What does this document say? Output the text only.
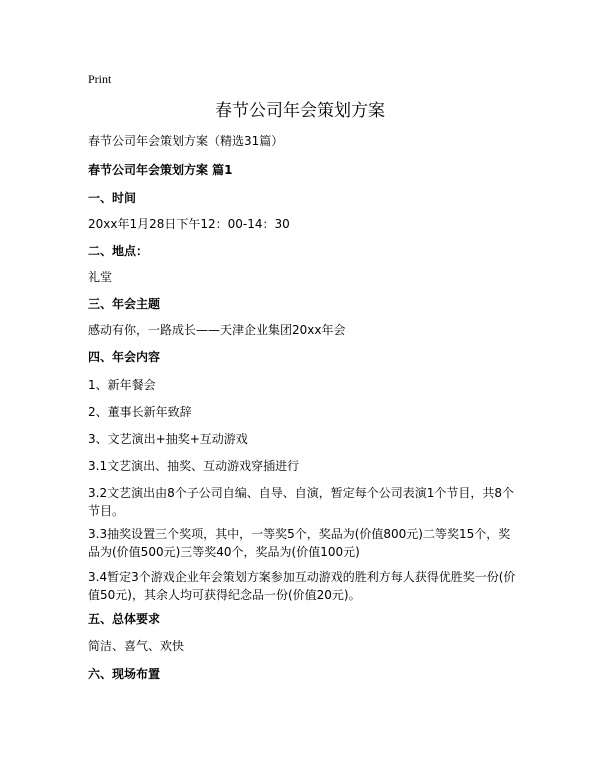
Print
春节公司年会策划方案
春节公司年会策划方案（精选31篇）
春节公司年会策划方案 篇1
一、时间
20xx年1月28日下午12：00-14：30
二、地点：
礼堂
三、年会主题
感动有你，一路成长——天津企业集团20xx年会
四、年会内容
1、新年餐会
2、董事长新年致辞
3、文艺演出+抽奖+互动游戏
3.1文艺演出、抽奖、互动游戏穿插进行
3.2文艺演出由8个子公司自编、自导、自演，暂定每个公司表演1个节目，共8个节目。
3.3抽奖设置三个奖项，其中，一等奖5个，奖品为(价值800元)二等奖15个，奖品为(价值500元)三等奖40个，奖品为(价值100元)
3.4暂定3个游戏企业年会策划方案参加互动游戏的胜利方每人获得优胜奖一份(价值50元)，其余人均可获得纪念品一份(价值20元)。
五、总体要求
简洁、喜气、欢快
六、现场布置
